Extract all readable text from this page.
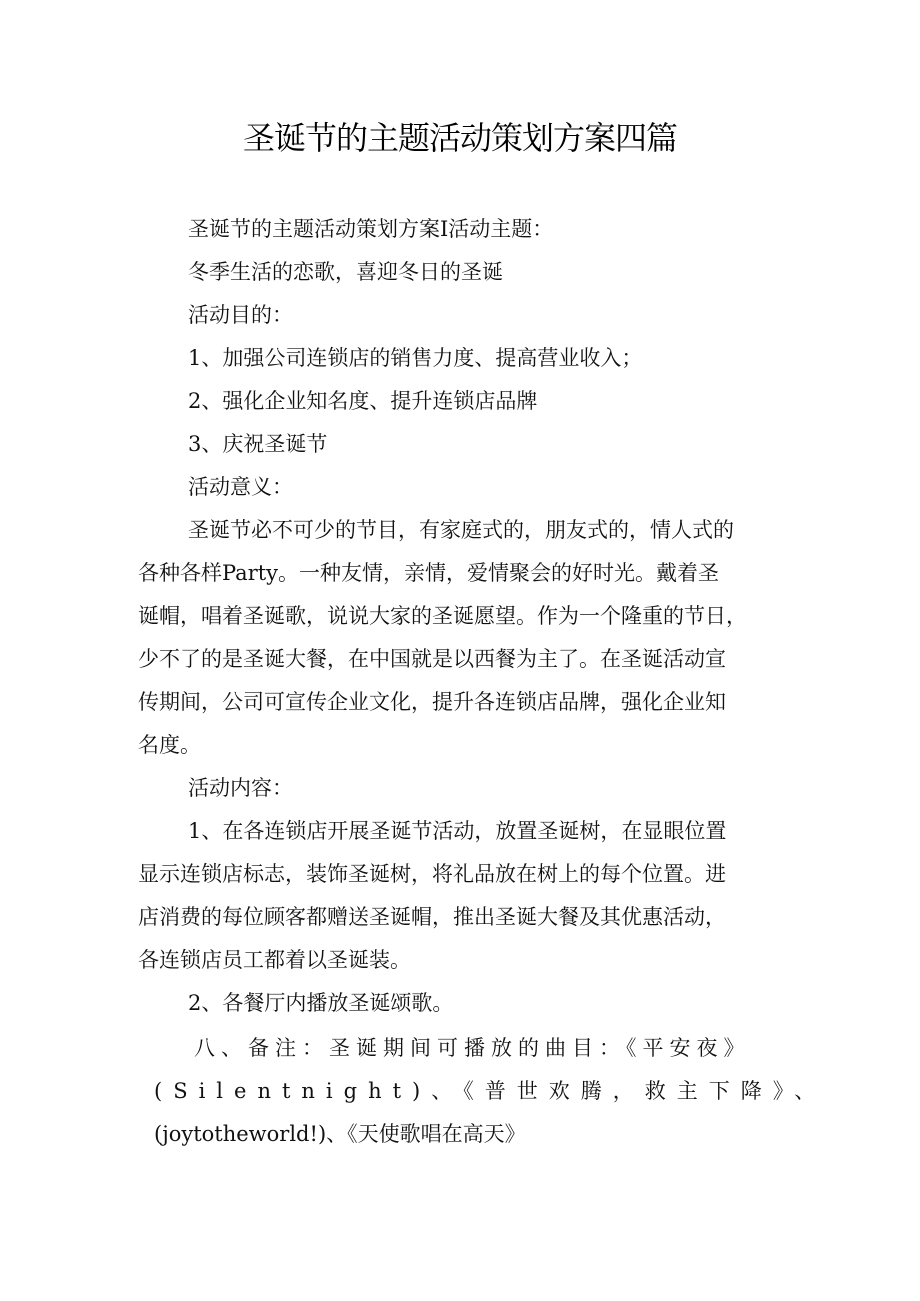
圣诞节的主题活动策划方案四篇
圣诞节的主题活动策划方案Ⅰ活动主题：
冬季生活的恋歌，喜迎冬日的圣诞
活动目的：
1、加强公司连锁店的销售力度、提高营业收入；
2、强化企业知名度、提升连锁店品牌
3、庆祝圣诞节
活动意义：
圣诞节必不可少的节目，有家庭式的，朋友式的，情人式的
各种各样Party。一种友情，亲情，爱情聚会的好时光。戴着圣
诞帽，唱着圣诞歌，说说大家的圣诞愿望。作为一个隆重的节日，
少不了的是圣诞大餐，在中国就是以西餐为主了。在圣诞活动宣
传期间，公司可宣传企业文化，提升各连锁店品牌，强化企业知
名度。
活动内容：
1、在各连锁店开展圣诞节活动，放置圣诞树，在显眼位置
显示连锁店标志，装饰圣诞树，将礼品放在树上的每个位置。进
店消费的每位顾客都赠送圣诞帽，推出圣诞大餐及其优惠活动，
各连锁店员工都着以圣诞装。
2、各餐厅内播放圣诞颂歌。
八、备注：圣诞期间可播放的曲目：《平安夜》
(Silentnight)、《普世欢腾，救主下降》、
(joytotheworld!)、《天使歌唱在高天》
